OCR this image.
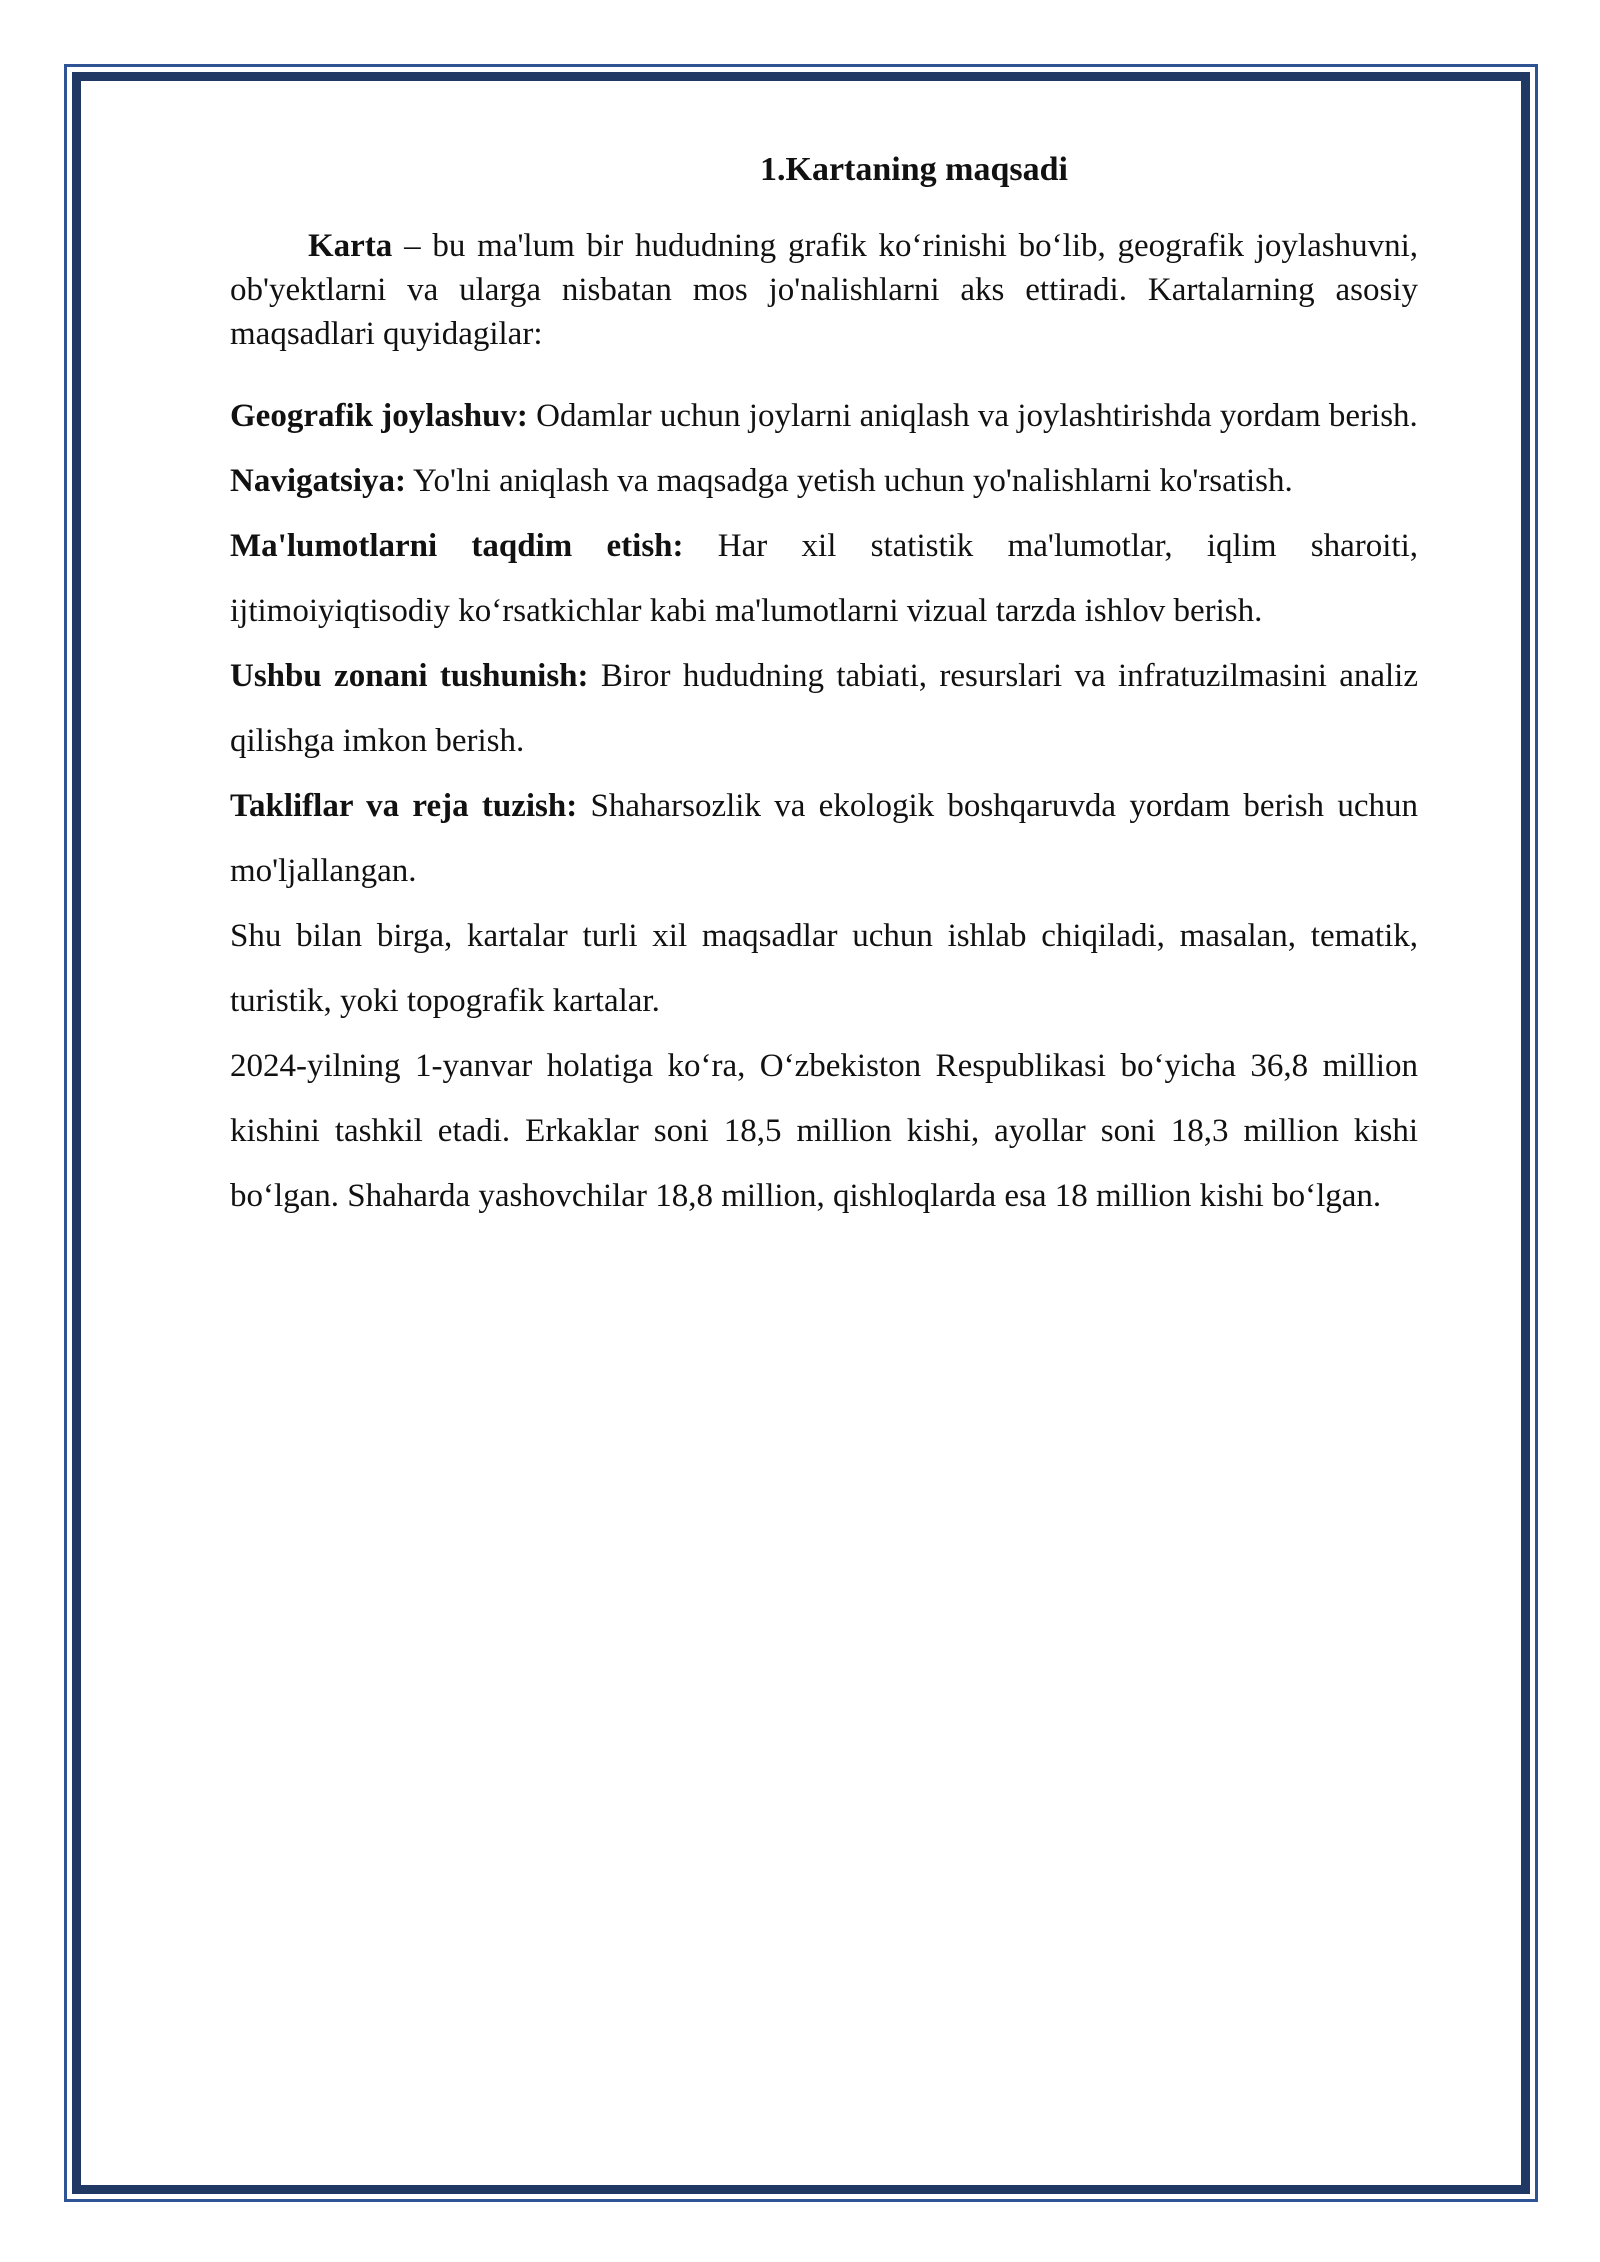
1.Kartaning maqsadi

Karta – bu ma'lum bir hududning grafik ko‘rinishi bo‘lib, geografik joylashuvni, ob'yektlarni va ularga nisbatan mos jo'nalishlarni aks ettiradi. Kartalarning asosiy maqsadlari quyidagilar:

Geografik joylashuv: Odamlar uchun joylarni aniqlash va joylashtirishda yordam berish.

Navigatsiya: Yo'lni aniqlash va maqsadga yetish uchun yo'nalishlarni ko'rsatish.

Ma'lumotlarni taqdim etish: Har xil statistik ma'lumotlar, iqlim sharoiti, ijtimoiyiqtisodiy ko‘rsatkichlar kabi ma'lumotlarni vizual tarzda ishlov berish.

Ushbu zonani tushunish: Biror hududning tabiati, resurslari va infratuzilmasini analiz qilishga imkon berish.

Takliflar va reja tuzish: Shaharsozlik va ekologik boshqaruvda yordam berish uchun mo'ljallangan.

Shu bilan birga, kartalar turli xil maqsadlar uchun ishlab chiqiladi, masalan, tematik, turistik, yoki topografik kartalar.

2024-yilning 1-yanvar holatiga ko‘ra, O‘zbekiston Respublikasi bo‘yicha 36,8 million kishini tashkil etadi. Erkaklar soni 18,5 million kishi, ayollar soni 18,3 million kishi bo‘lgan. Shaharda yashovchilar 18,8 million, qishloqlarda esa 18 million kishi bo‘lgan.
